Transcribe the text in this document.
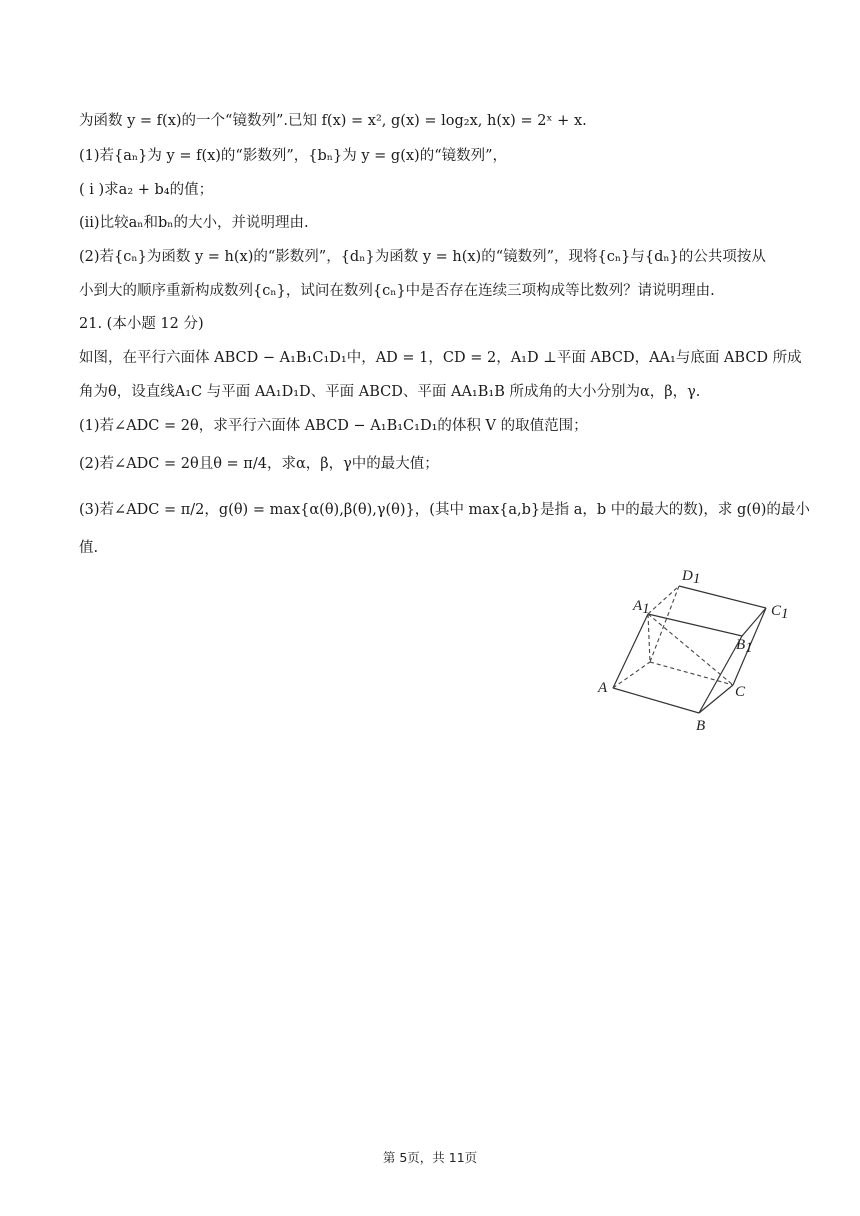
为函数 y = f(x)的一个“镜数列”.已知 f(x) = x², g(x) = log₂x, h(x) = 2ˣ + x.
(1)若{aₙ}为 y = f(x)的“影数列”，{bₙ}为 y = g(x)的“镜数列”，
( i )求a₂ + b₄的值；
(ii)比较aₙ和bₙ的大小，并说明理由.
(2)若{cₙ}为函数 y = h(x)的“影数列”，{dₙ}为函数 y = h(x)的“镜数列”，现将{cₙ}与{dₙ}的公共项按从
小到大的顺序重新构成数列{cₙ}，试问在数列{cₙ}中是否存在连续三项构成等比数列？请说明理由.
21. (本小题 12 分)
如图，在平行六面体 ABCD − A₁B₁C₁D₁中，AD = 1，CD = 2，A₁D ⊥平面 ABCD，AA₁与底面 ABCD 所成
角为θ，设直线A₁C 与平面 AA₁D₁D、平面 ABCD、平面 AA₁B₁B 所成角的大小分别为α，β，γ.
(1)若∠ADC = 2θ，求平行六面体 ABCD − A₁B₁C₁D₁的体积 V 的取值范围；
(2)若∠ADC = 2θ且θ = π/4，求α，β，γ中的最大值；
(3)若∠ADC = π/2，g(θ) = max{α(θ),β(θ),γ(θ)}，(其中 max{a,b}是指 a，b 中的最大的数)，求 g(θ)的最小
值.
D1
C1
A1
B1
A	C
B
第 5页，共 11页
